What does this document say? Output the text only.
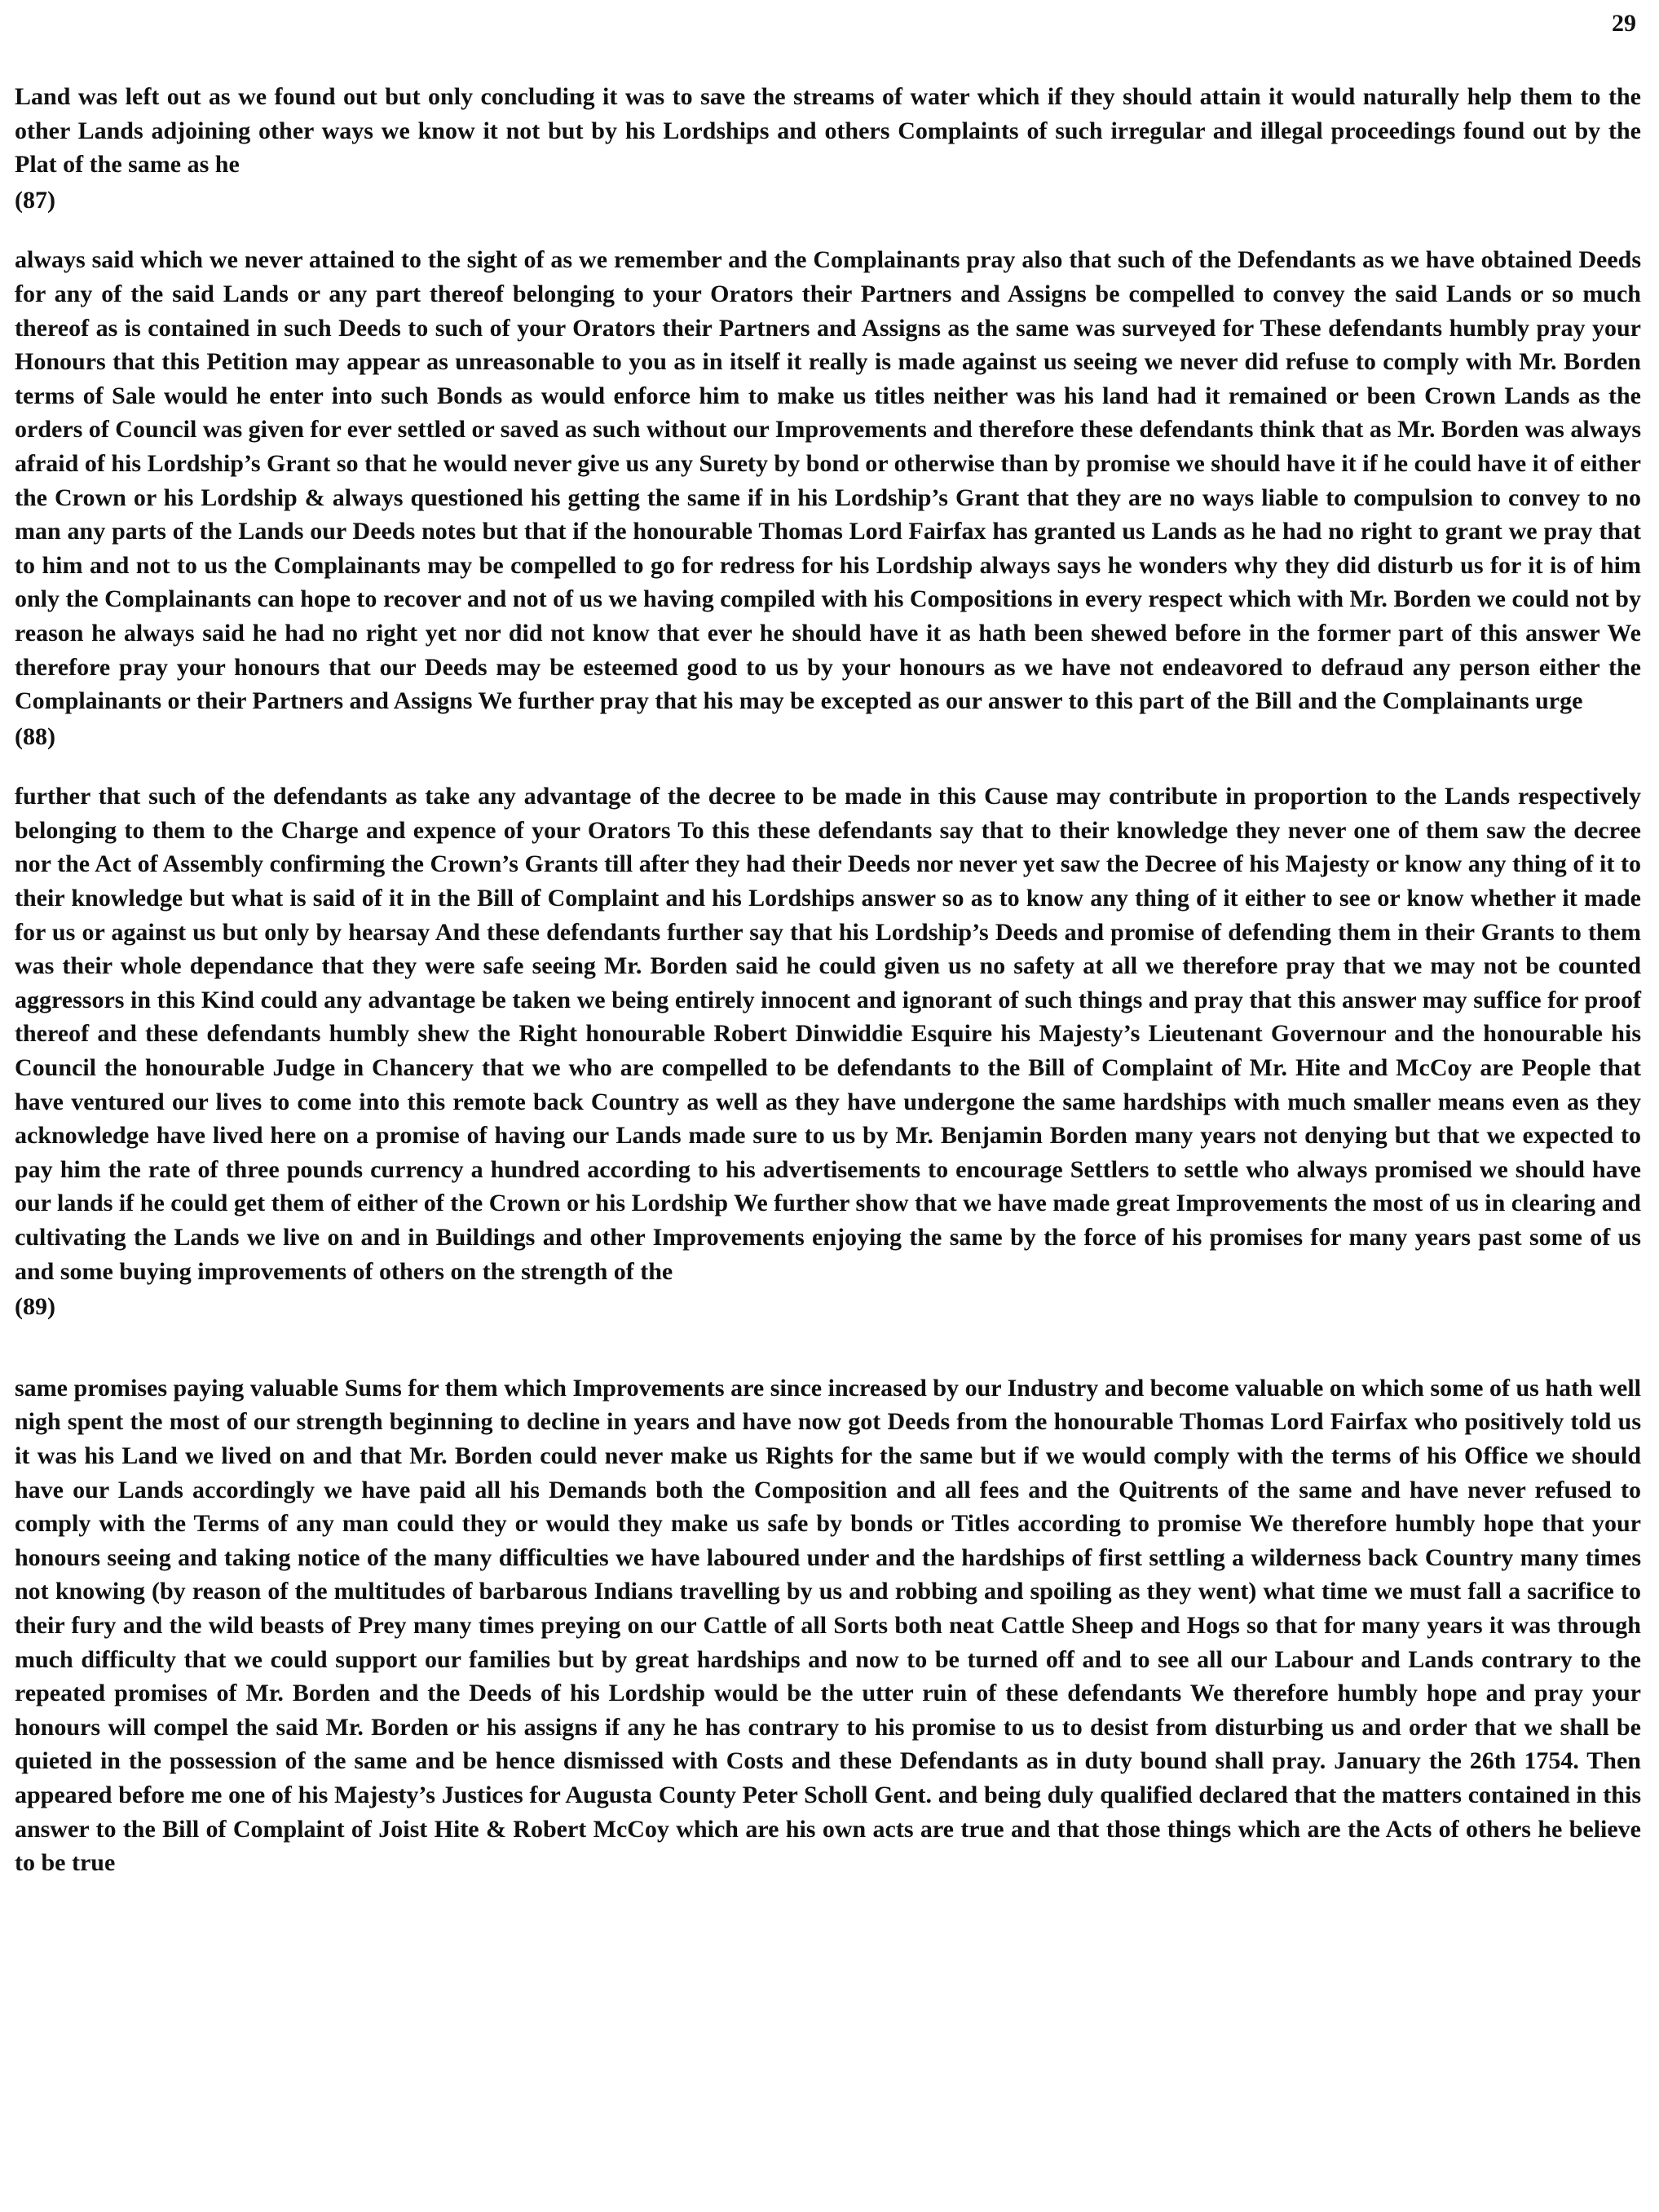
29

Land was left out as we found out but only concluding it was to save the streams of water which if they should attain it would naturally help them to the other Lands adjoining other ways we know it not but by his Lordships and others Complaints of such irregular and illegal proceedings found out by the Plat of the same as he

(87)

always said which we never attained to the sight of as we remember and the Complainants pray also that such of the Defendants as we have obtained Deeds for any of the said Lands or any part thereof belonging to your Orators their Partners and Assigns be compelled to convey the said Lands or so much thereof as is contained in such Deeds to such of your Orators their Partners and Assigns as the same was surveyed for These defendants humbly pray your Honours that this Petition may appear as unreasonable to you as in itself it really is made against us seeing we never did refuse to comply with Mr. Borden terms of Sale would he enter into such Bonds as would enforce him to make us titles neither was his land had it remained or been Crown Lands as the orders of Council was given for ever settled or saved as such without our Improvements and therefore these defendants think that as Mr. Borden was always afraid of his Lordship’s Grant so that he would never give us any Surety by bond or otherwise than by promise we should have it if he could have it of either the Crown or his Lordship & always questioned his getting the same if in his Lordship’s Grant that they are no ways liable to compulsion to convey to no man any parts of the Lands our Deeds notes but that if the honourable Thomas Lord Fairfax has granted us Lands as he had no right to grant we pray that to him and not to us the Complainants may be compelled to go for redress for his Lordship always says he wonders why they did disturb us for it is of him only the Complainants can hope to recover and not of us we having compiled with his Compositions in every respect which with Mr. Borden we could not by reason he always said he had no right yet nor did not know that ever he should have it as hath been shewed before in the former part of this answer We therefore pray your honours that our Deeds may be esteemed good to us by your honours as we have not endeavored to defraud any person either the Complainants or their Partners and Assigns We further pray that his may be excepted as our answer to this part of the Bill and the Complainants urge

(88)

further that such of the defendants as take any advantage of the decree to be made in this Cause may contribute in proportion to the Lands respectively belonging to them to the Charge and expence of your Orators To this these defendants say that to their knowledge they never one of them saw the decree nor the Act of Assembly confirming the Crown’s Grants till after they had their Deeds nor never yet saw the Decree of his Majesty or know any thing of it to their knowledge but what is said of it in the Bill of Complaint and his Lordships answer so as to know any thing of it either to see or know whether it made for us or against us but only by hearsay And these defendants further say that his Lordship’s Deeds and promise of defending them in their Grants to them was their whole dependance that they were safe seeing Mr. Borden said he could given us no safety at all we therefore pray that we may not be counted aggressors in this Kind could any advantage be taken we being entirely innocent and ignorant of such things and pray that this answer may suffice for proof thereof and these defendants humbly shew the Right honourable Robert Dinwiddie Esquire his Majesty’s Lieutenant Governour and the honourable his Council the honourable Judge in Chancery that we who are compelled to be defendants to the Bill of Complaint of Mr. Hite and McCoy are People that have ventured our lives to come into this remote back Country as well as they have undergone the same hardships with much smaller means even as they acknowledge have lived here on a promise of having our Lands made sure to us by Mr. Benjamin Borden many years not denying but that we expected to pay him the rate of three pounds currency a hundred according to his advertisements to encourage Settlers to settle who always promised we should have our lands if he could get them of either of the Crown or his Lordship We further show that we have made great Improvements the most of us in clearing and cultivating the Lands we live on and in Buildings and other Improvements enjoying the same by the force of his promises for many years past some of us and some buying improvements of others on the strength of the

(89)

same promises paying valuable Sums for them which Improvements are since increased by our Industry and become valuable on which some of us hath well nigh spent the most of our strength beginning to decline in years and have now got Deeds from the honourable Thomas Lord Fairfax who positively told us it was his Land we lived on and that Mr. Borden could never make us Rights for the same but if we would comply with the terms of his Office we should have our Lands accordingly we have paid all his Demands both the Composition and all fees and the Quitrents of the same and have never refused to comply with the Terms of any man could they or would they make us safe by bonds or Titles according to promise We therefore humbly hope that your honours seeing and taking notice of the many difficulties we have laboured under and the hardships of first settling a wilderness back Country many times not knowing (by reason of the multitudes of barbarous Indians travelling by us and robbing and spoiling as they went) what time we must fall a sacrifice to their fury and the wild beasts of Prey many times preying on our Cattle of all Sorts both neat Cattle Sheep and Hogs so that for many years it was through much difficulty that we could support our families but by great hardships and now to be turned off and to see all our Labour and Lands contrary to the repeated promises of Mr. Borden and the Deeds of his Lordship would be the utter ruin of these defendants We therefore humbly hope and pray your honours will compel the said Mr. Borden or his assigns if any he has contrary to his promise to us to desist from disturbing us and order that we shall be quieted in the possession of the same and be hence dismissed with Costs and these Defendants as in duty bound shall pray. January the 26th 1754. Then appeared before me one of his Majesty’s Justices for Augusta County Peter Scholl Gent. and being duly qualified declared that the matters contained in this answer to the Bill of Complaint of Joist Hite & Robert McCoy which are his own acts are true and that those things which are the Acts of others he believe to be true
